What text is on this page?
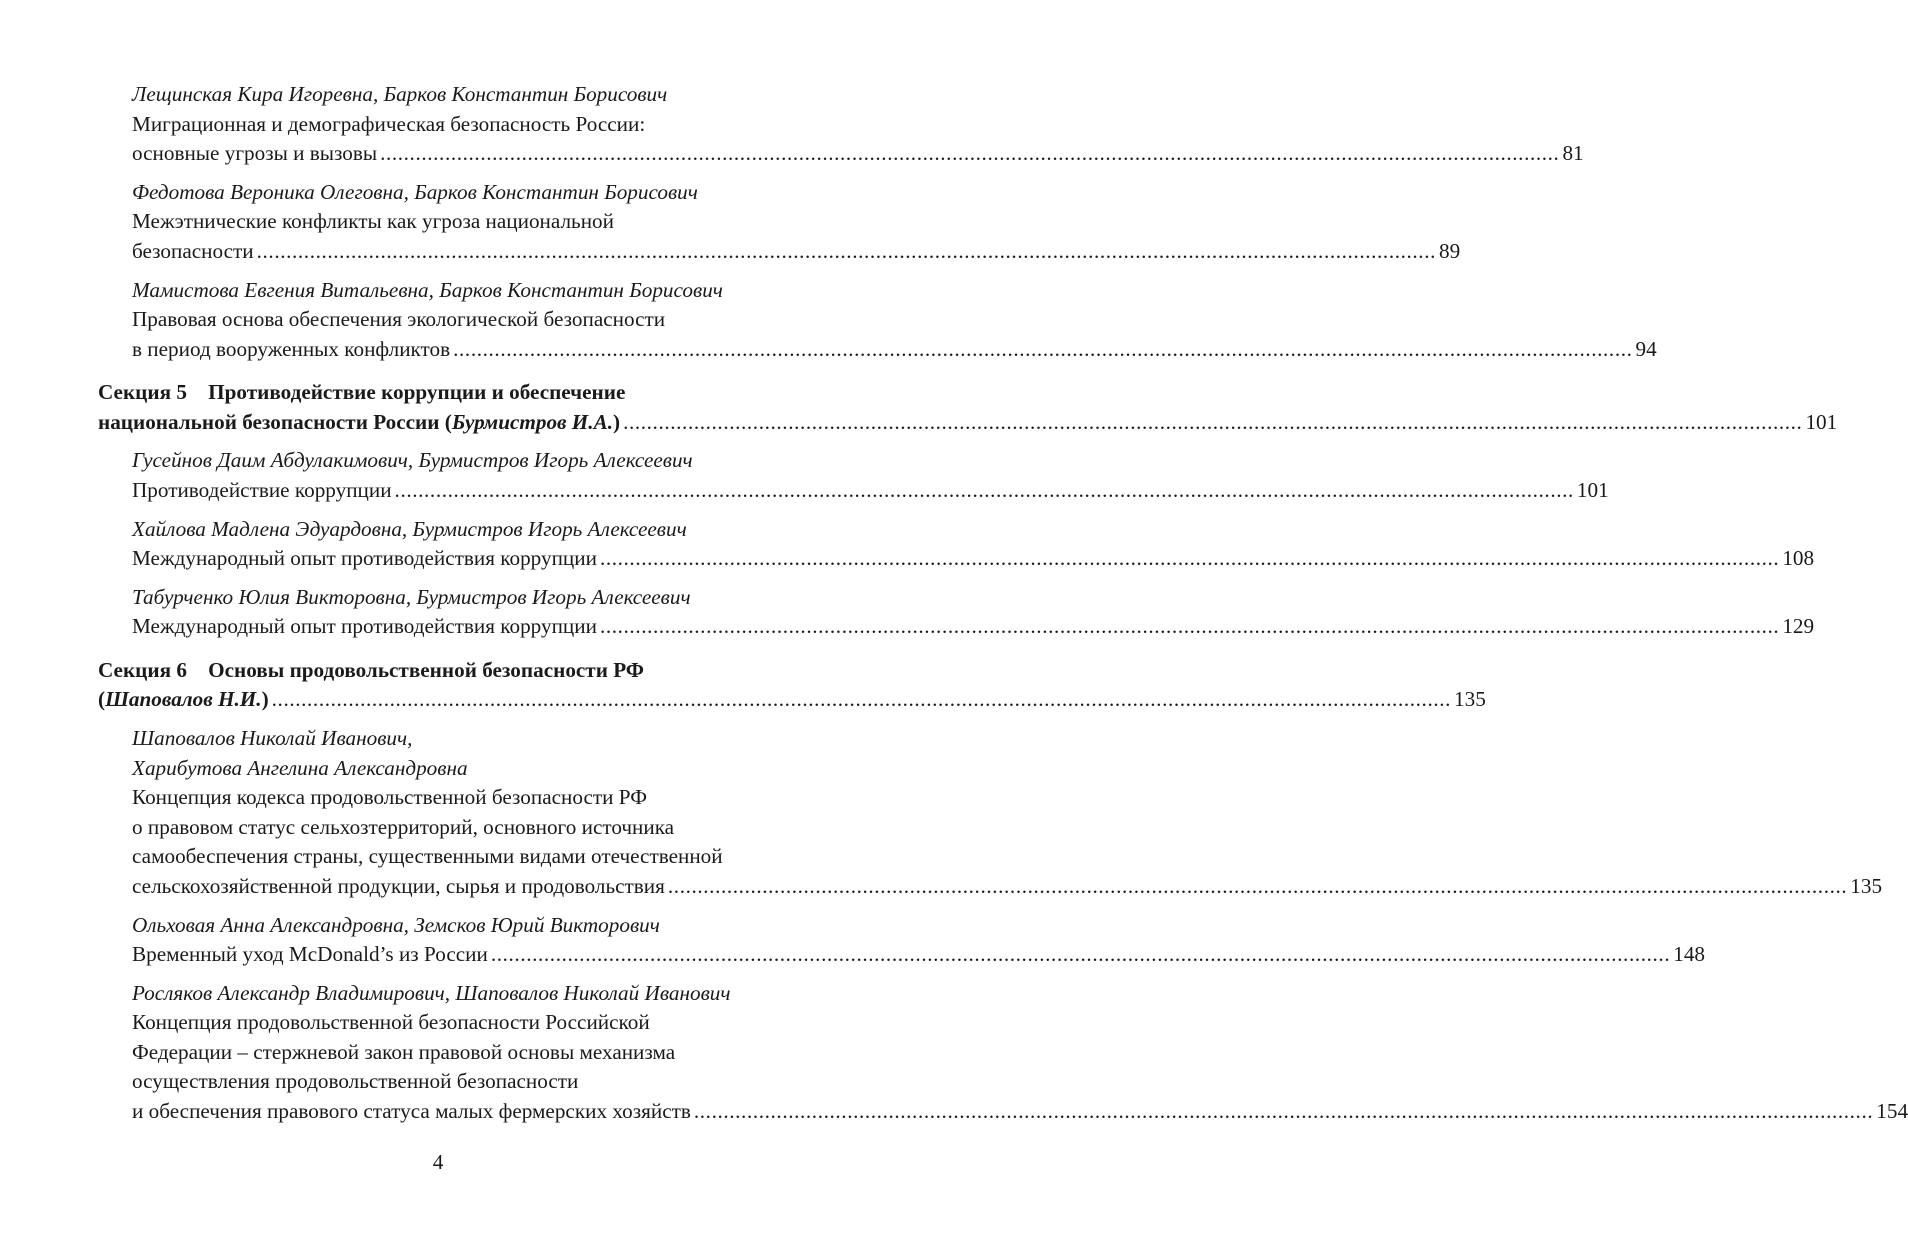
Лещинская Кира Игоревна, Барков Константин Борисович
Миграционная и демографическая безопасность России:
основные угрозы и вызовы ........................................................................................................................................................................................................ 81
Федотова Вероника Олеговна, Барков Константин Борисович
Межэтнические конфликты как угроза национальной
безопасности ........................................................................................................................................................................................................ 89
Мамистова Евгения Витальевна, Барков Константин Борисович
Правовая основа обеспечения экологической безопасности
в период вооруженных конфликтов ........................................................................................................................................................................................................ 94
Секция 5    Противодействие коррупции и обеспечение
национальной безопасности России (Бурмистров И.А.) ........................................................................................................................................................................................................ 101
Гусейнов Даим Абдулакимович, Бурмистров Игорь Алексеевич
Противодействие коррупции ........................................................................................................................................................................................................ 101
Хайлова Мадлена Эдуардовна, Бурмистров Игорь Алексеевич
Международный опыт противодействия коррупции ........................................................................................................................................................................................................ 108
Табурченко Юлия Викторовна, Бурмистров Игорь Алексеевич
Международный опыт противодействия коррупции ........................................................................................................................................................................................................ 129
Секция 6    Основы продовольственной безопасности РФ
(Шаповалов Н.И.) ........................................................................................................................................................................................................ 135
Шаповалов Николай Иванович,
Харибутова Ангелина Александровна
Концепция кодекса продовольственной безопасности РФ
о правовом статус сельхозтерриторий, основного источника
самообеспечения страны, существенными видами отечественной
сельскохозяйственной продукции, сырья и продовольствия ........................................................................................................................................................................................................ 135
Ольховая Анна Александровна, Земсков Юрий Викторович
Временный уход McDonald’s из России ........................................................................................................................................................................................................ 148
Росляков Александр Владимирович, Шаповалов Николай Иванович
Концепция продовольственной безопасности Российской
Федерации – стержневой закон правовой основы механизма
осуществления продовольственной безопасности
и обеспечения правового статуса малых фермерских хозяйств ........................................................................................................................................................................................................ 154
4
